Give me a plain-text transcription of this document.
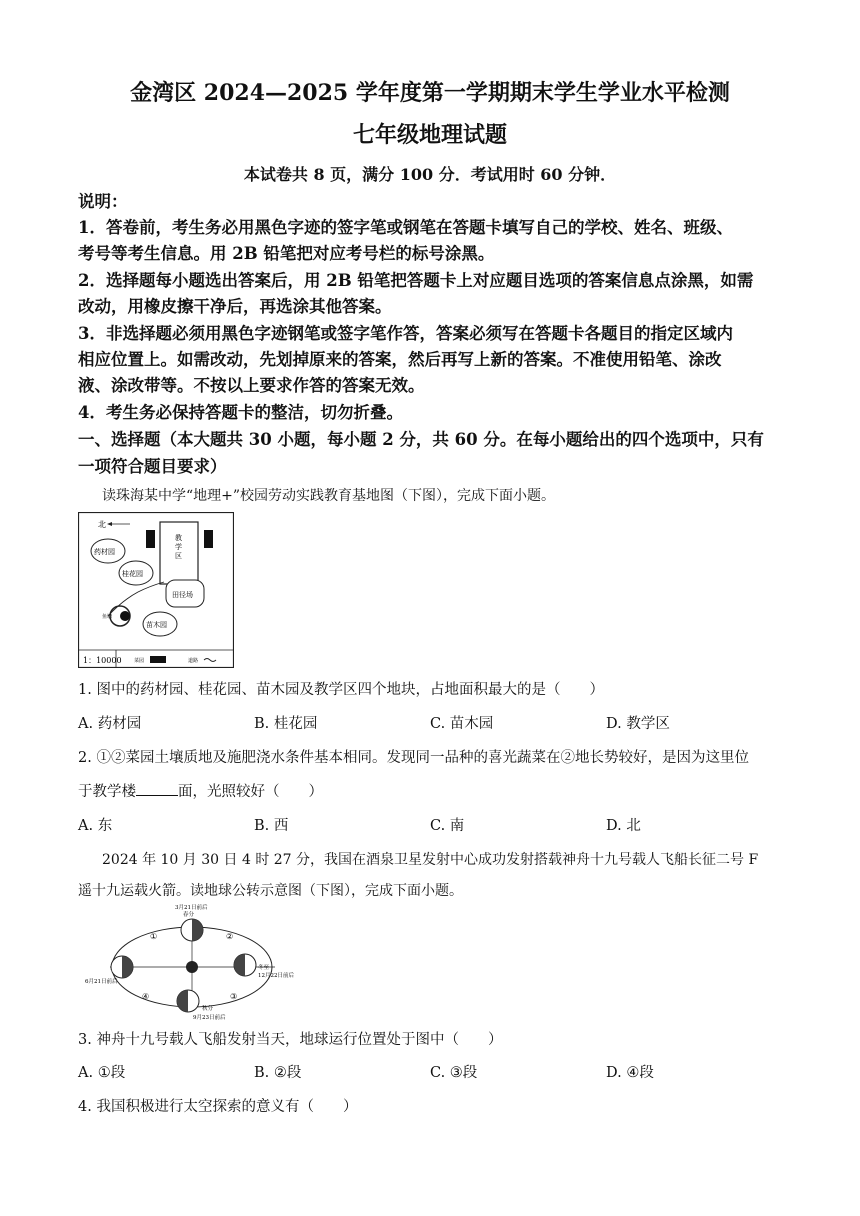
金湾区 2024—2025 学年度第一学期期末学生学业水平检测
七年级地理试题
本试卷共 8 页，满分 100 分．考试用时 60 分钟．
说明：
1．答卷前，考生务必用黑色字迹的签字笔或钢笔在答题卡填写自己的学校、姓名、班级、
考号等考生信息。用 2B 铅笔把对应考号栏的标号涂黑。
2．选择题每小题选出答案后，用 2B 铅笔把答题卡上对应题目选项的答案信息点涂黑，如需
改动，用橡皮擦干净后，再选涂其他答案。
3．非选择题必须用黑色字迹钢笔或签字笔作答，答案必须写在答题卡各题目的指定区域内
相应位置上。如需改动，先划掉原来的答案，然后再写上新的答案。不准使用铅笔、涂改
液、涂改带等。不按以上要求作答的答案无效。
4．考生务必保持答题卡的整洁，切勿折叠。
一、选择题（本大题共 30 小题，每小题 2 分，共 60 分。在每小题给出的四个选项中，只有
一项符合题目要求）
读珠海某中学“地理+”校园劳动实践教育基地图（下图），完成下面小题。
北
教
学
区
药材园
桂花园
田径场
鱼塘
苗木园
1：10000 菜园	道路
1. 图中的药材园、桂花园、苗木园及教学区四个地块，占地面积最大的是（　　）
A. 药材园	B. 桂花园	C. 苗木园	D. 教学区
2. ①②菜园土壤质地及施肥浇水条件基本相同。发现同一品种的喜光蔬菜在②地长势较好，是因为这里位
于教学楼	面，光照较好（　　）
A. 东	B. 西	C. 南	D. 北
2024 年 10 月 30 日 4 时 27 分，我国在酒泉卫星发射中心成功发射搭载神舟十九号载人飞船长征二号 F
遥十九运载火箭。读地球公转示意图（下图），完成下面小题。
3月21日前后
春分
夏至
6月21日前后
冬至
12月22日前后
秋分
9月23日前后
①	②
③
④
3. 神舟十九号载人飞船发射当天，地球运行位置处于图中（　　）
A. ①段	B. ②段	C. ③段	D. ④段
4. 我国积极进行太空探索的意义有（　　）
